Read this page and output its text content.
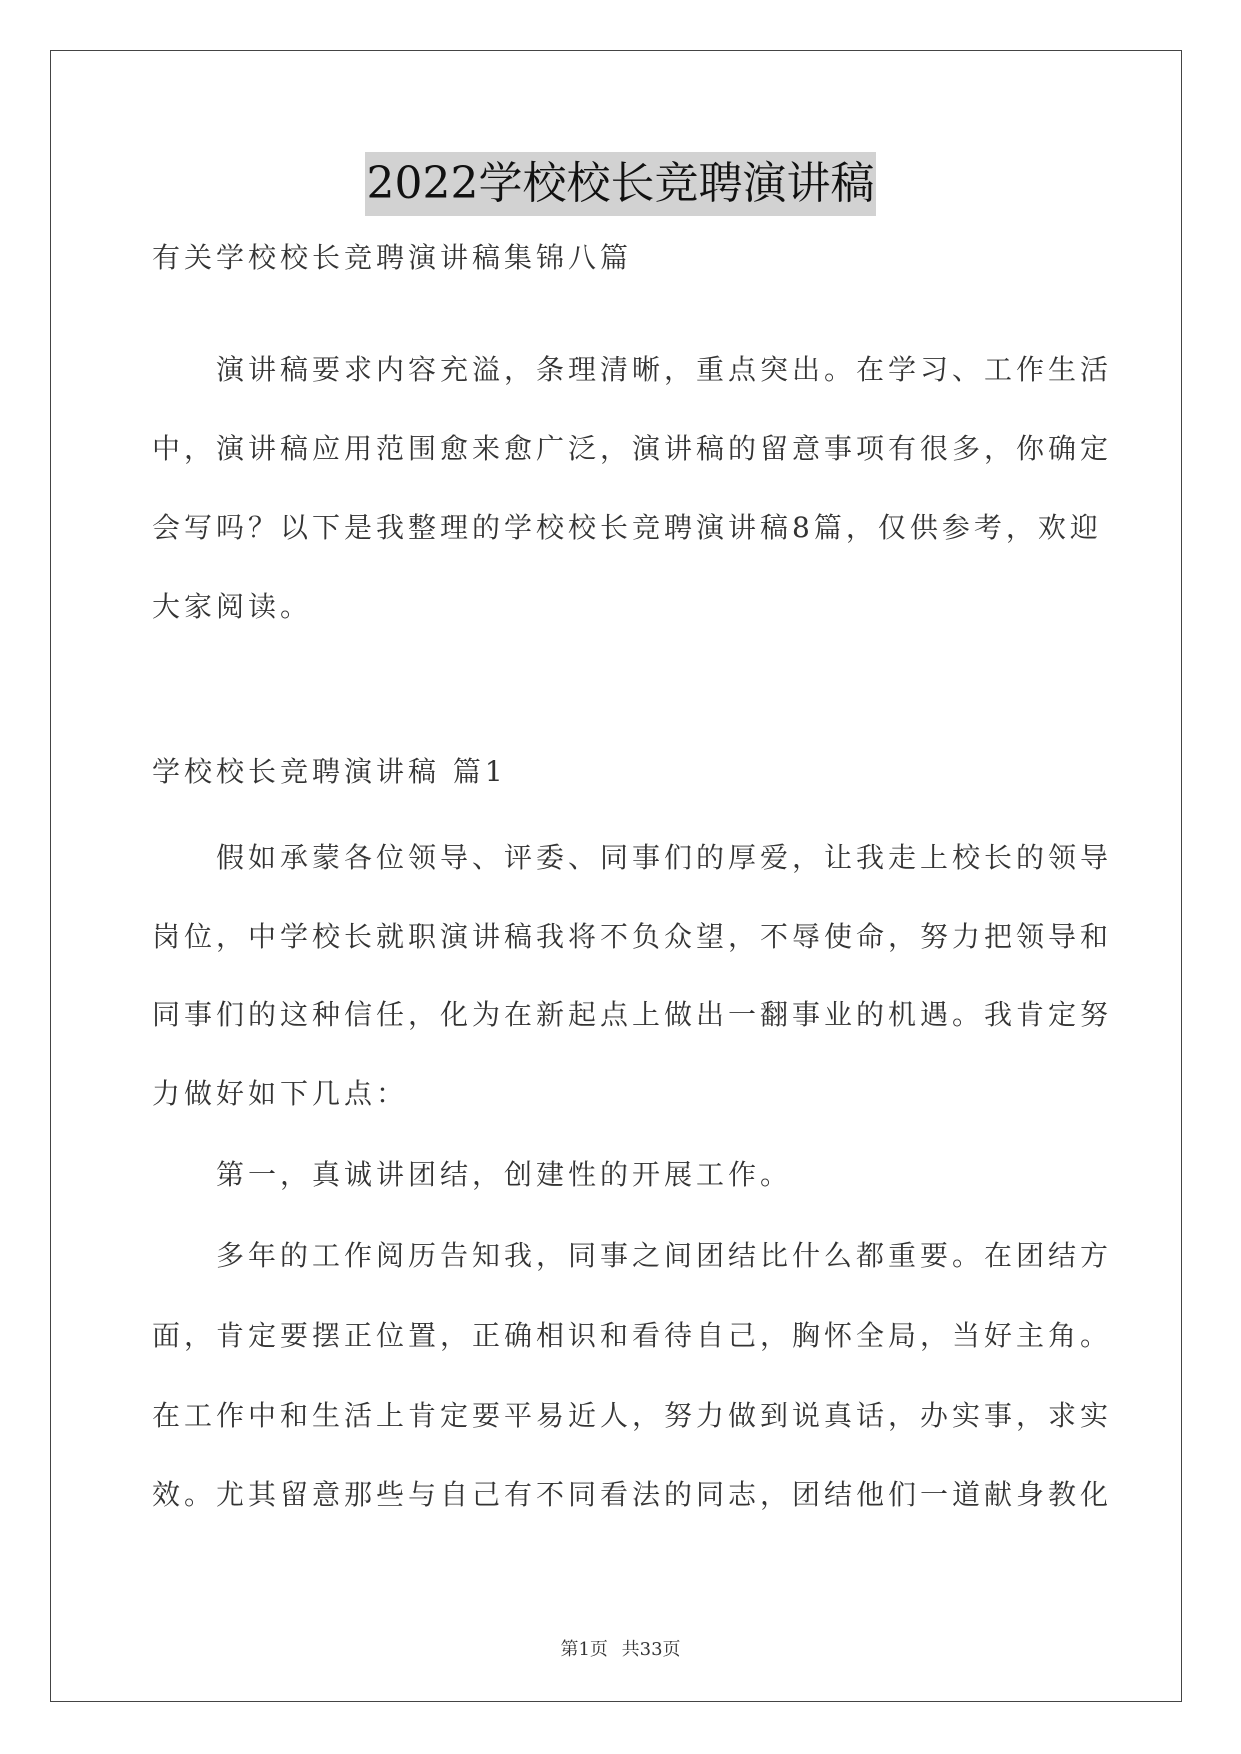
2022学校校长竞聘演讲稿
有关学校校长竞聘演讲稿集锦八篇
演讲稿要求内容充溢，条理清晰，重点突出。在学习、工作生活
中，演讲稿应用范围愈来愈广泛，演讲稿的留意事项有很多，你确定
会写吗？以下是我整理的学校校长竞聘演讲稿8篇，仅供参考，欢迎
大家阅读。
学校校长竞聘演讲稿 篇1
假如承蒙各位领导、评委、同事们的厚爱，让我走上校长的领导
岗位，中学校长就职演讲稿我将不负众望，不辱使命，努力把领导和
同事们的这种信任，化为在新起点上做出一翻事业的机遇。我肯定努
力做好如下几点：
第一，真诚讲团结，创建性的开展工作。
多年的工作阅历告知我，同事之间团结比什么都重要。在团结方
面，肯定要摆正位置，正确相识和看待自己，胸怀全局，当好主角。
在工作中和生活上肯定要平易近人，努力做到说真话，办实事，求实
效。尤其留意那些与自己有不同看法的同志，团结他们一道献身教化
第1页 共33页
